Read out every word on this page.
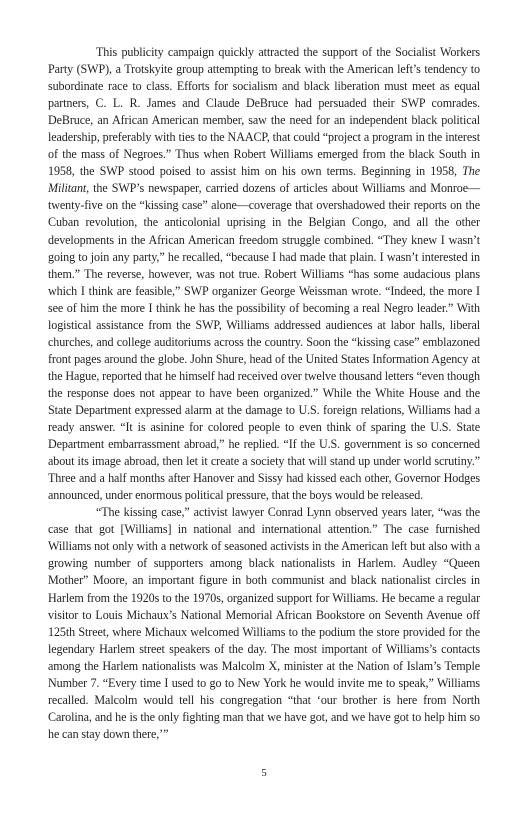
This publicity campaign quickly attracted the support of the Socialist Workers Party (SWP), a Trotskyite group attempting to break with the American left’s tendency to subordinate race to class. Efforts for socialism and black liberation must meet as equal partners, C. L. R. James and Claude DeBruce had persuaded their SWP comrades. DeBruce, an African American member, saw the need for an independent black political leadership, preferably with ties to the NAACP, that could “project a program in the interest of the mass of Negroes.” Thus when Robert Williams emerged from the black South in 1958, the SWP stood poised to assist him on his own terms. Beginning in 1958, The Militant, the SWP’s newspaper, carried dozens of articles about Williams and Monroe—twenty-five on the “kissing case” alone—coverage that overshadowed their reports on the Cuban revolution, the anticolonial uprising in the Belgian Congo, and all the other developments in the African American freedom struggle combined. “They knew I wasn’t going to join any party,” he recalled, “because I had made that plain. I wasn’t interested in them.” The reverse, however, was not true. Robert Williams “has some audacious plans which I think are feasible,” SWP organizer George Weissman wrote. “Indeed, the more I see of him the more I think he has the possibility of becoming a real Negro leader.” With logistical assistance from the SWP, Williams addressed audiences at labor halls, liberal churches, and college auditoriums across the country. Soon the “kissing case” emblazoned front pages around the globe. John Shure, head of the United States Information Agency at the Hague, reported that he himself had received over twelve thousand letters “even though the response does not appear to have been organized.” While the White House and the State Department expressed alarm at the damage to U.S. foreign relations, Williams had a ready answer. “It is asinine for colored people to even think of sparing the U.S. State Department embarrassment abroad,” he replied. “If the U.S. government is so concerned about its image abroad, then let it create a society that will stand up under world scrutiny.” Three and a half months after Hanover and Sissy had kissed each other, Governor Hodges announced, under enormous political pressure, that the boys would be released.

“The kissing case,” activist lawyer Conrad Lynn observed years later, “was the case that got [Williams] in national and international attention.” The case furnished Williams not only with a network of seasoned activists in the American left but also with a growing number of supporters among black nationalists in Harlem. Audley “Queen Mother” Moore, an important figure in both communist and black nationalist circles in Harlem from the 1920s to the 1970s, organized support for Williams. He became a regular visitor to Louis Michaux’s National Memorial African Bookstore on Seventh Avenue off 125th Street, where Michaux welcomed Williams to the podium the store provided for the legendary Harlem street speakers of the day. The most important of Williams’s contacts among the Harlem nationalists was Malcolm X, minister at the Nation of Islam’s Temple Number 7. “Every time I used to go to New York he would invite me to speak,” Williams recalled. Malcolm would tell his congregation “that ‘our brother is here from North Carolina, and he is the only fighting man that we have got, and we have got to help him so he can stay down there,’”

5
